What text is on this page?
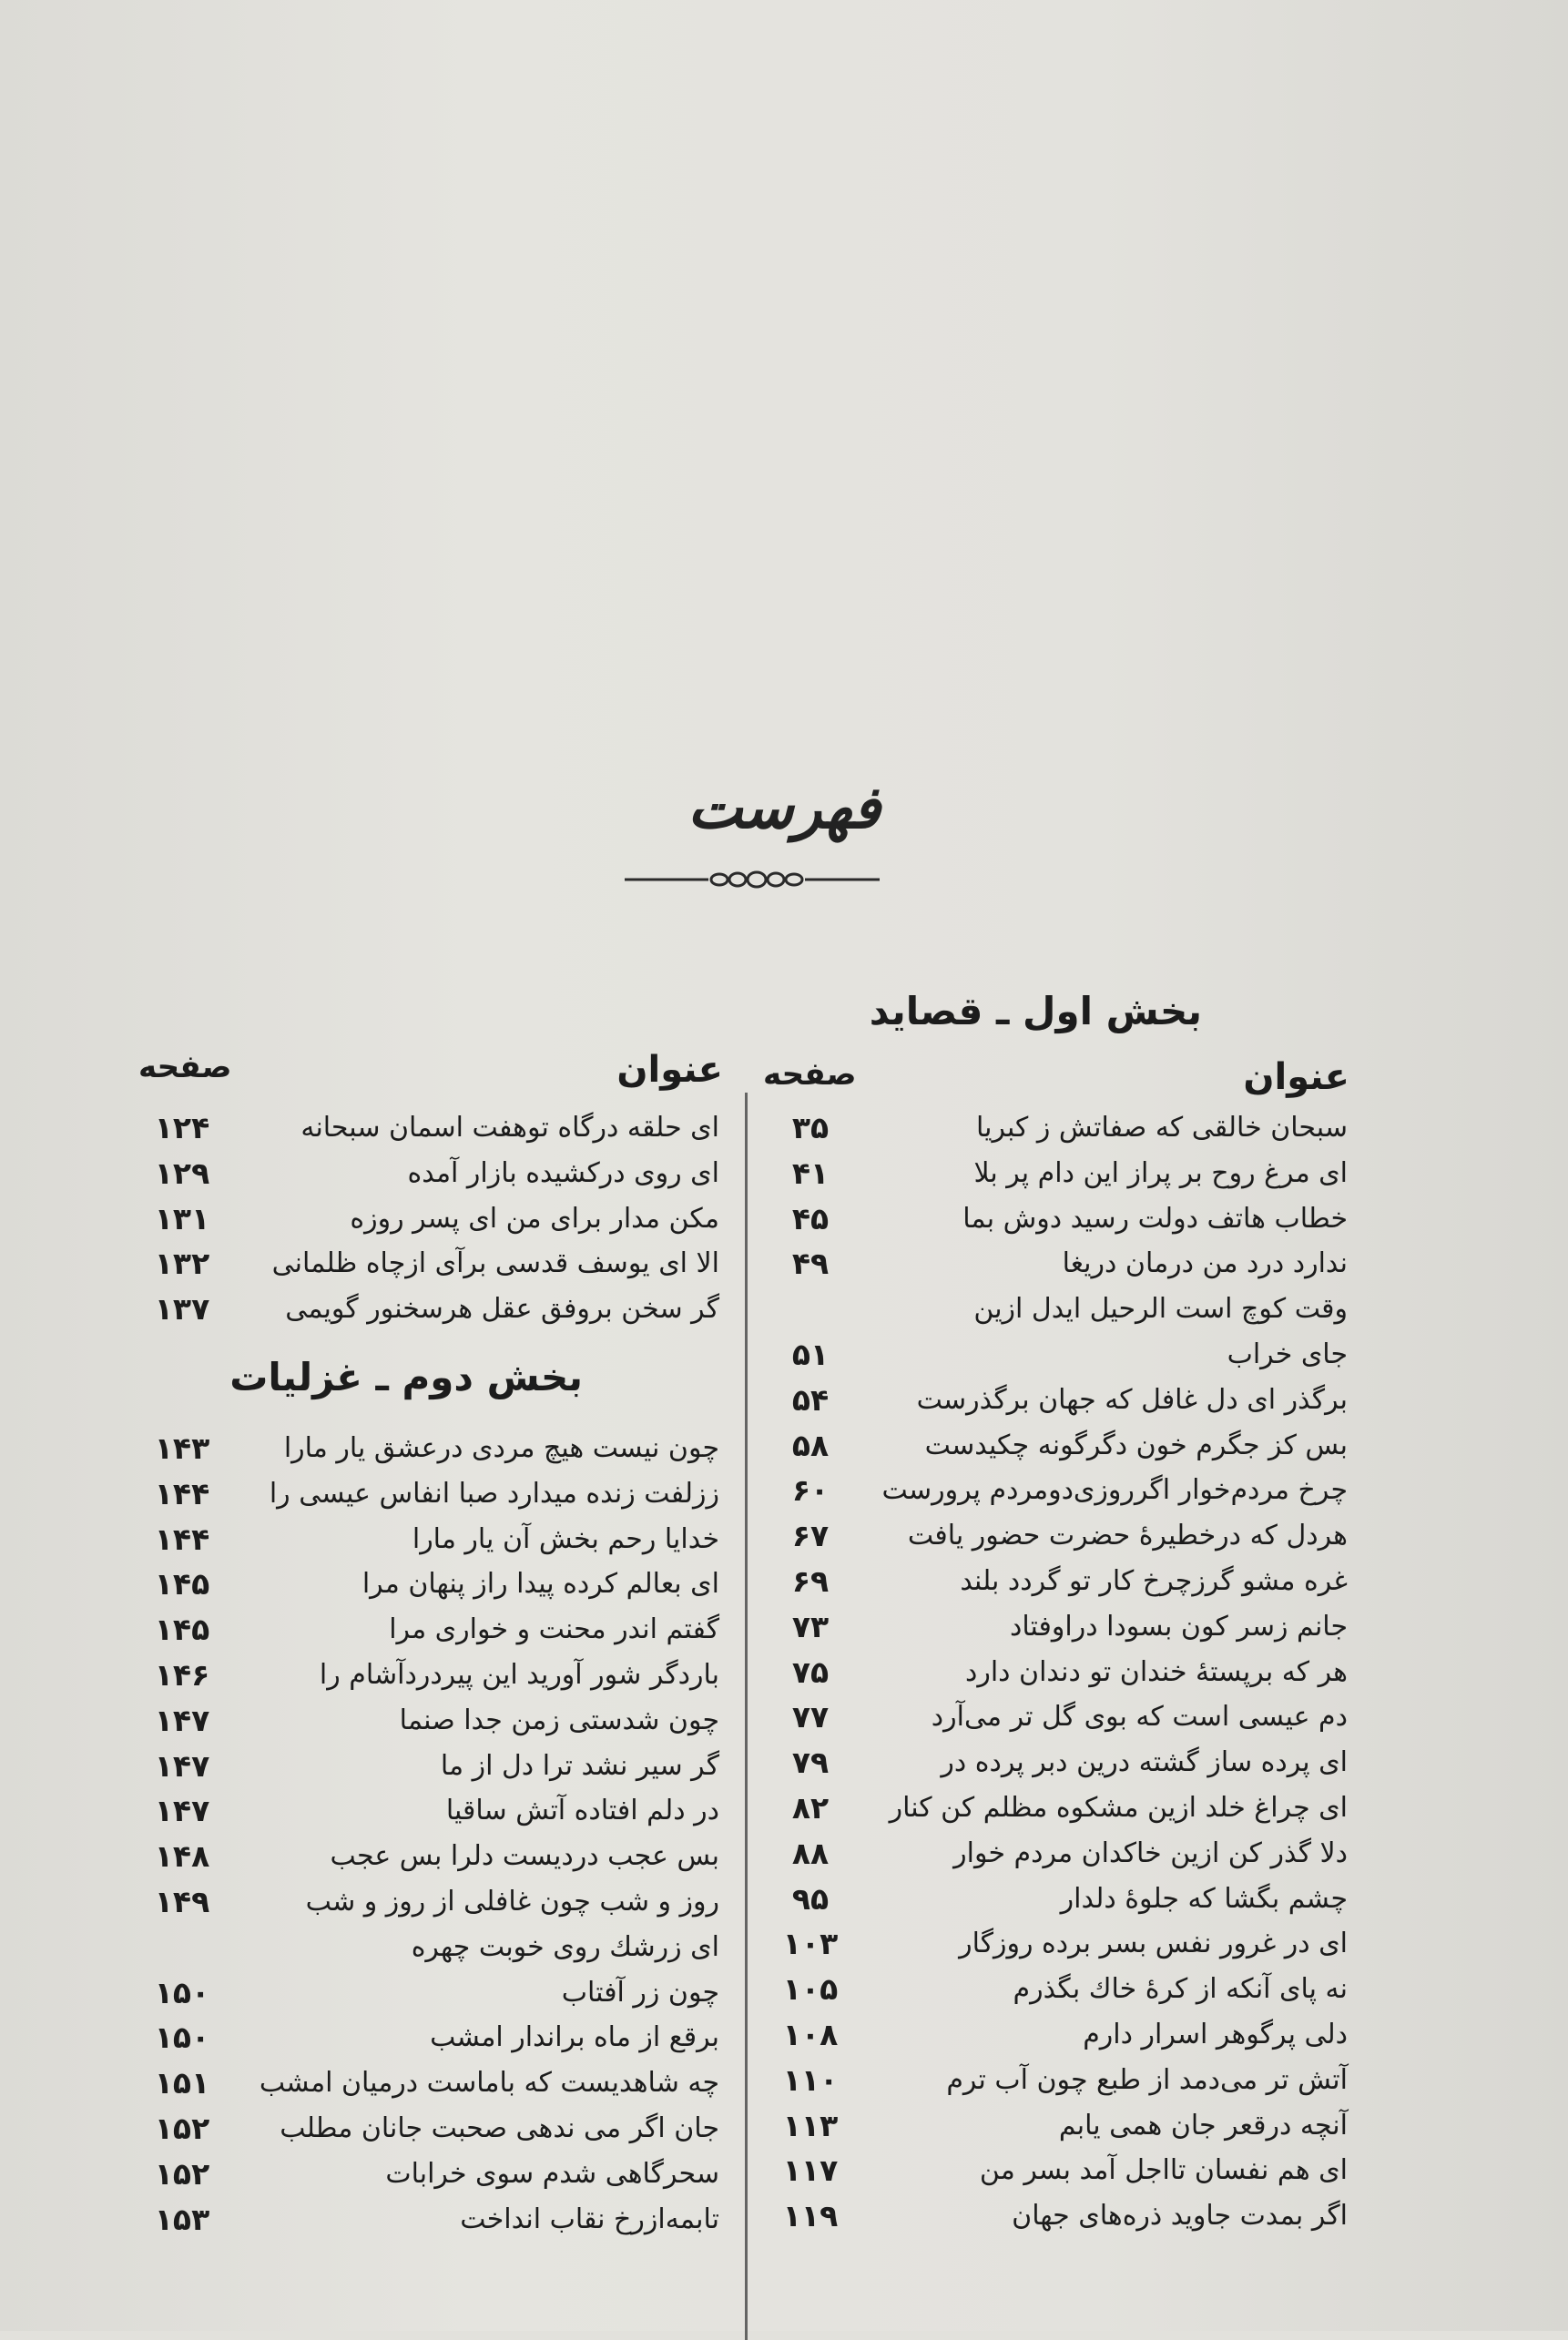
فهرست
بخش اول ـ قصاید
عنوان
صفحه
عنوان
صفحه
سبحان خالقی که صفاتش ز کبریا
۳۵
ای مرغ روح بر پراز این دام پر بلا
۴۱
خطاب هاتف دولت رسید دوش بما
۴۵
ندارد درد من درمان دریغا
۴۹
وقت کوچ است الرحیل ایدل ازین
جای خراب
۵۱
برگذر ای دل غافل که جهان برگذرست
۵۴
بس کز جگرم خون دگرگونه چکیدست
۵۸
چرخ مردم‌خوار اگرروزی‌دومردم پرورست
۶۰
هردل که درخطیرهٔ حضرت حضور یافت
۶۷
غره مشو گرزچرخ کار تو گردد بلند
۶۹
جانم زسر کون بسودا دراوفتاد
۷۳
هر که برپستهٔ خندان تو دندان دارد
۷۵
دم عیسی است که بوی گل تر می‌آرد
۷۷
ای پرده ساز گشته درین دبر پرده در
۷۹
ای چراغ خلد ازین مشکوه مظلم کن کنار
۸۲
دلا گذر کن ازین خاکدان مردم خوار
۸۸
چشم بگشا که جلوهٔ دلدار
۹۵
ای در غرور نفس بسر برده روزگار
۱۰۳
نه پای آنکه از کرهٔ خاك بگذرم
۱۰۵
دلی پرگوهر اسرار دارم
۱۰۸
آتش تر می‌دمد از طبع چون آب ترم
۱۱۰
آنچه درقعر جان همی یابم
۱۱۳
ای هم نفسان تااجل آمد بسر من
۱۱۷
اگر بمدت جاوید ذره‌های جهان
۱۱۹
ای حلقه درگاه توهفت اسمان سبحانه
۱۲۴
ای روی درکشیده بازار آمده
۱۲۹
مکن مدار برای من ای پسر روزه
۱۳۱
الا ای یوسف قدسی برآی ازچاه ظلمانی
۱۳۲
گر سخن بروفق عقل هرسخنور گویمی
۱۳۷
بخش دوم ـ غزلیات
چون نیست هیچ مردی درعشق یار مارا
۱۴۳
ززلفت زنده میدارد صبا انفاس عیسی را
۱۴۴
خدایا رحم بخش آن یار مارا
۱۴۴
ای بعالم کرده پیدا راز پنهان مرا
۱۴۵
گفتم اندر محنت و خواری مرا
۱۴۵
باردگر شور آورید این پیردردآشام را
۱۴۶
چون شدستی زمن جدا صنما
۱۴۷
گر سیر نشد ترا دل از ما
۱۴۷
در دلم افتاده آتش ساقیا
۱۴۷
بس عجب دردیست دلرا بس عجب
۱۴۸
روز و شب چون غافلی از روز و شب
۱۴۹
ای زرشك روی خوبت چهره
چون زر آفتاب
۱۵۰
برقع از ماه براندار امشب
۱۵۰
چه شاهدیست که باماست درمیان امشب
۱۵۱
جان اگر می ندهی صحبت جانان مطلب
۱۵۲
سحرگاهی شدم سوی خرابات
۱۵۲
تابمه‌ازرخ نقاب انداخت
۱۵۳
